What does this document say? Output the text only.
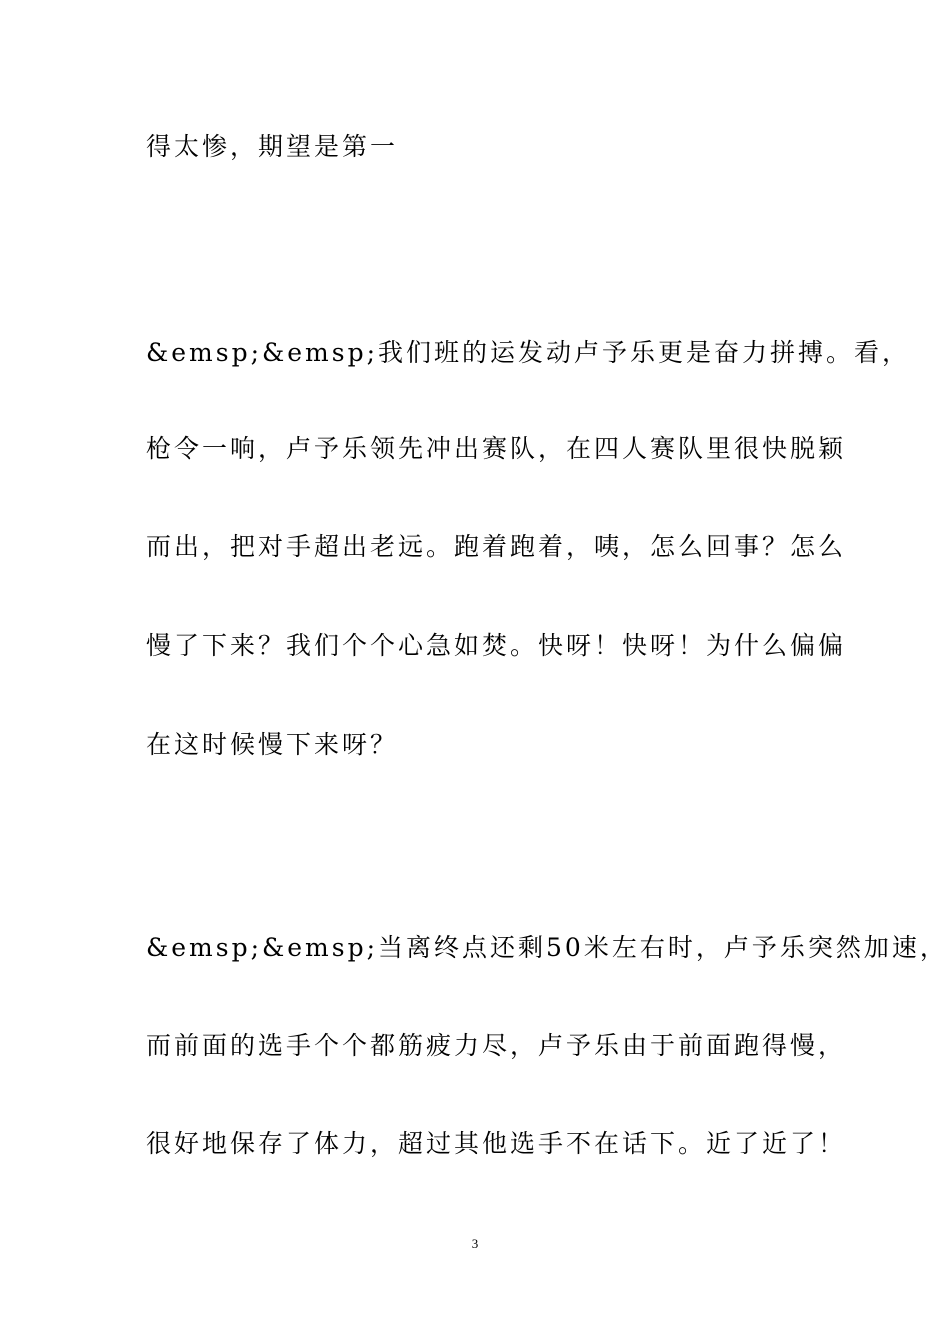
得太惨，期望是第一
&emsp;&emsp;我们班的运发动卢予乐更是奋力拼搏。看，
枪令一响，卢予乐领先冲出赛队，在四人赛队里很快脱颖
而出，把对手超出老远。跑着跑着，咦，怎么回事？怎么
慢了下来？我们个个心急如焚。快呀！快呀！为什么偏偏
在这时候慢下来呀？
&emsp;&emsp;当离终点还剩50米左右时，卢予乐突然加速，
而前面的选手个个都筋疲力尽，卢予乐由于前面跑得慢，
很好地保存了体力，超过其他选手不在话下。近了近了！
3
